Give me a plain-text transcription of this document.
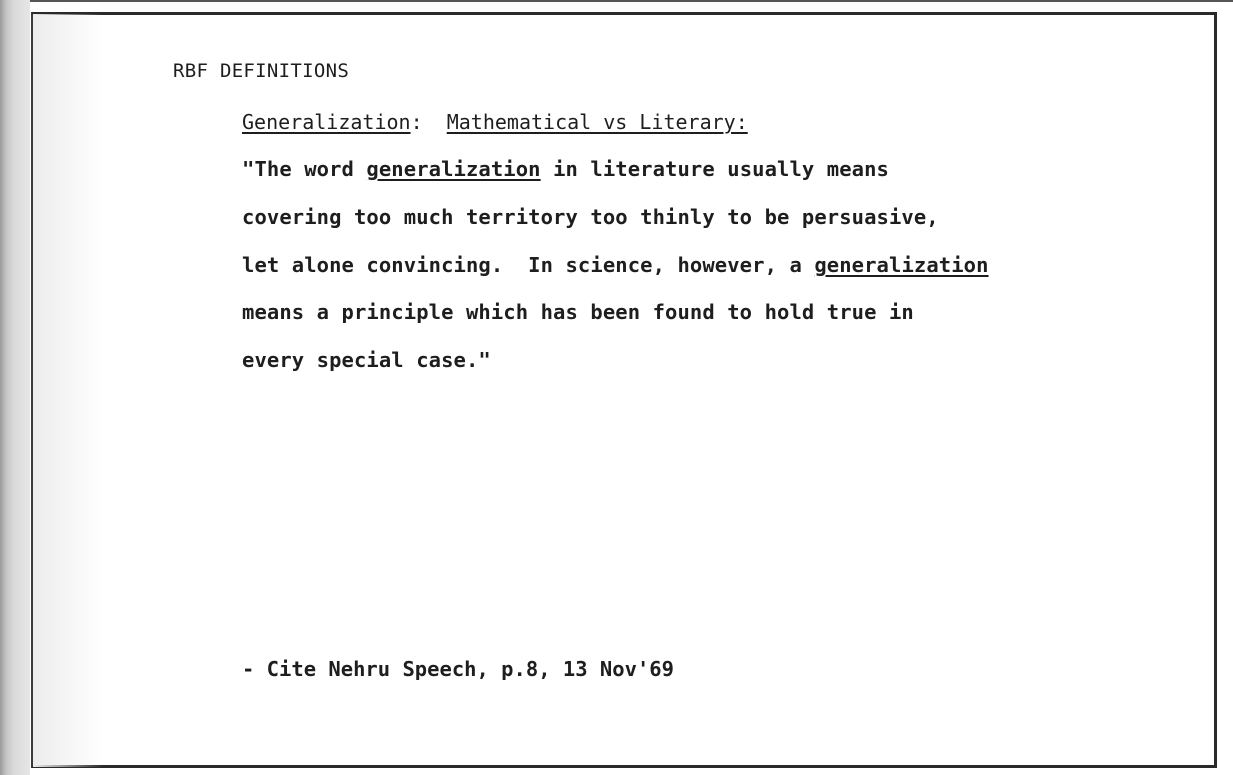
RBF DEFINITIONS
Generalization: Mathematical vs Literary:
"The word generalization in literature usually means
covering too much territory too thinly to be persuasive,
let alone convincing.  In science, however, a generalization
means a principle which has been found to hold true in
every special case."
- Cite Nehru Speech, p.8, 13 Nov'69
